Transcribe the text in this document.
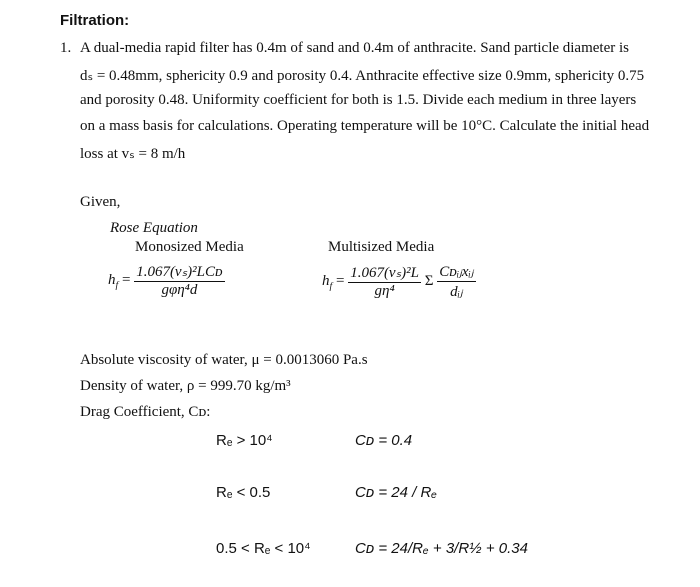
Filtration:
1. A dual-media rapid filter has 0.4m of sand and 0.4m of anthracite. Sand particle diameter is
dₛ = 0.48mm, sphericity 0.9 and porosity 0.4. Anthracite effective size 0.9mm, sphericity 0.75
and porosity 0.48. Uniformity coefficient for both is 1.5. Divide each medium in three layers
on a mass basis for calculations. Operating temperature will be 10°C. Calculate the initial head
loss at vₛ = 8 m/h
Given,
Rose Equation
Monosized Media	Multisized Media
$h_f = \frac{\text{1.067(vₛ)²LCᴅ}}{\text{gφη⁴d}}$	$h_f = \frac{\text{1.067(vₛ)²L}}{\text{gη⁴}}$ Σ $\frac{\text{Cᴅᵢⱼxᵢⱼ}}{\text{dᵢⱼ}}$
Absolute viscosity of water, μ = 0.0013060 Pa.s
Density of water, ρ = 999.70 kg/m³
Drag Coefficient, Cᴅ:
Rₑ > 10⁴	Cᴅ = 0.4
Rₑ < 0.5	Cᴅ = 24 / Rₑ
0.5 < Rₑ < 10⁴	Cᴅ = 24/Rₑ + 3/R½ + 0.34
